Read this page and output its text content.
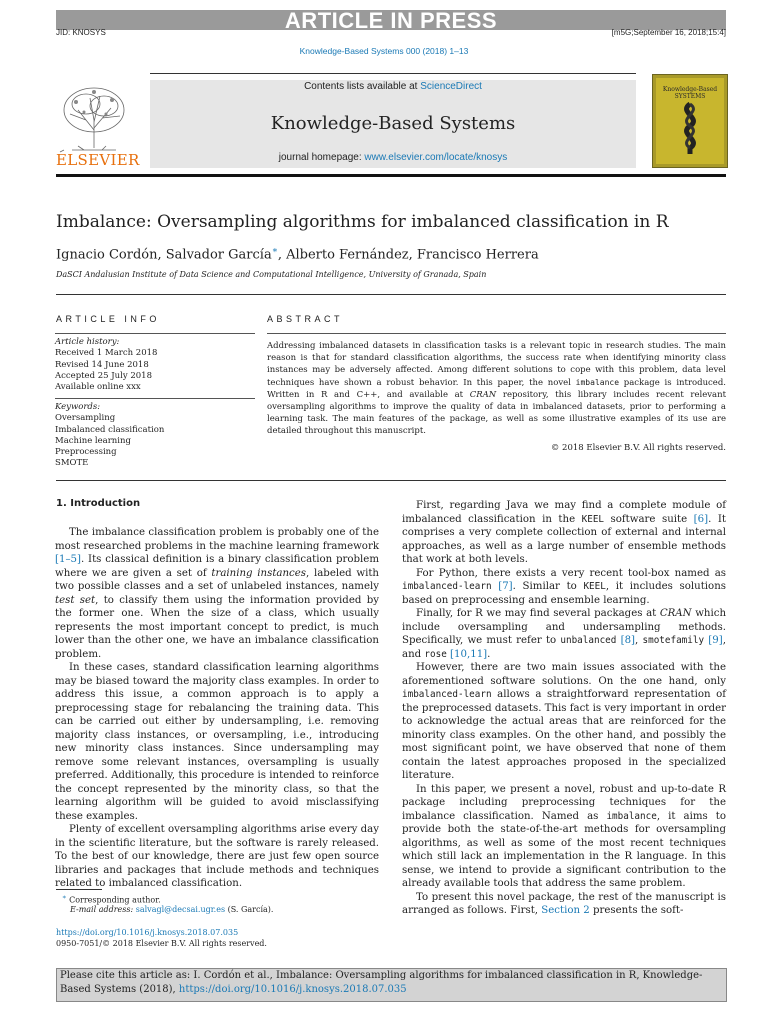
ARTICLE IN PRESS
JID: KNOSYS	[m5G;September 16, 2018;15:4]
Knowledge-Based Systems 000 (2018) 1–13
ELSEVIER
Contents lists available at ScienceDirect
Knowledge-Based Systems
journal homepage: www.elsevier.com/locate/knosys
Knowledge-Based SYSTEMS
Imbalance: Oversampling algorithms for imbalanced classification in R
Ignacio Cordón, Salvador García∗, Alberto Fernández, Francisco Herrera
DaSCI Andalusian Institute of Data Science and Computational Intelligence, University of Granada, Spain
ARTICLE INFO	ABSTRACT
Article history:
Received 1 March 2018
Revised 14 June 2018
Accepted 25 July 2018
Available online xxx
Keywords:
Oversampling
Imbalanced classification
Machine learning
Preprocessing
SMOTE
Addressing imbalanced datasets in classification tasks is a relevant topic in research studies. The main reason is that for standard classification algorithms, the success rate when identifying minority class instances may be adversely affected. Among different solutions to cope with this problem, data level techniques have shown a robust behavior. In this paper, the novel imbalance package is introduced. Written in R and C++, and available at CRAN repository, this library includes recent relevant oversampling algorithms to improve the quality of data in imbalanced datasets, prior to performing a learning task. The main features of the package, as well as some illustrative examples of its use are detailed throughout this manuscript.
© 2018 Elsevier B.V. All rights reserved.
1. Introduction

The imbalance classification problem is probably one of the most researched problems in the machine learning framework [1–5]. Its classical definition is a binary classification problem where we are given a set of training instances, labeled with two possible classes and a set of unlabeled instances, namely test set, to classify them using the information provided by the former one. When the size of a class, which usually represents the most important concept to predict, is much lower than the other one, we have an imbalance classification problem.

In these cases, standard classification learning algorithms may be biased toward the majority class examples. In order to address this issue, a common approach is to apply a preprocessing stage for rebalancing the training data. This can be carried out either by undersampling, i.e. removing majority class instances, or oversampling, i.e., introducing new minority class instances. Since undersampling may remove some relevant instances, oversampling is usually preferred. Additionally, this procedure is intended to reinforce the concept represented by the minority class, so that the learning algorithm will be guided to avoid misclassifying these examples.

Plenty of excellent oversampling algorithms arise every day in the scientific literature, but the software is rarely released. To the best of our knowledge, there are just few open source libraries and packages that include methods and techniques related to imbalanced classification.

First, regarding Java we may find a complete module of imbalanced classification in the KEEL software suite [6]. It comprises a very complete collection of external and internal approaches, as well as a large number of ensemble methods that work at both levels.

For Python, there exists a very recent tool-box named as imbalanced-learn [7]. Similar to KEEL, it includes solutions based on preprocessing and ensemble learning.

Finally, for R we may find several packages at CRAN which include oversampling and undersampling methods. Specifically, we must refer to unbalanced [8], smotefamily [9], and rose [10,11].

However, there are two main issues associated with the aforementioned software solutions. On the one hand, only imbalanced-learn allows a straightforward representation of the preprocessed datasets. This fact is very important in order to acknowledge the actual areas that are reinforced for the minority class examples. On the other hand, and possibly the most significant point, we have observed that none of them contain the latest approaches proposed in the specialized literature.

In this paper, we present a novel, robust and up-to-date R package including preprocessing techniques for the imbalance classification. Named as imbalance, it aims to provide both the state-of-the-art methods for oversampling algorithms, as well as some of the most recent techniques which still lack an implementation in the R language. In this sense, we intend to provide a significant contribution to the already available tools that address the same problem.

To present this novel package, the rest of the manuscript is arranged as follows. First, Section 2 presents the soft-

∗ Corresponding author.
E-mail address: salvagl@decsai.ugr.es (S. García).
https://doi.org/10.1016/j.knosys.2018.07.035
0950-7051/© 2018 Elsevier B.V. All rights reserved.
Please cite this article as: I. Cordón et al., Imbalance: Oversampling algorithms for imbalanced classification in R, Knowledge-Based Systems (2018), https://doi.org/10.1016/j.knosys.2018.07.035
